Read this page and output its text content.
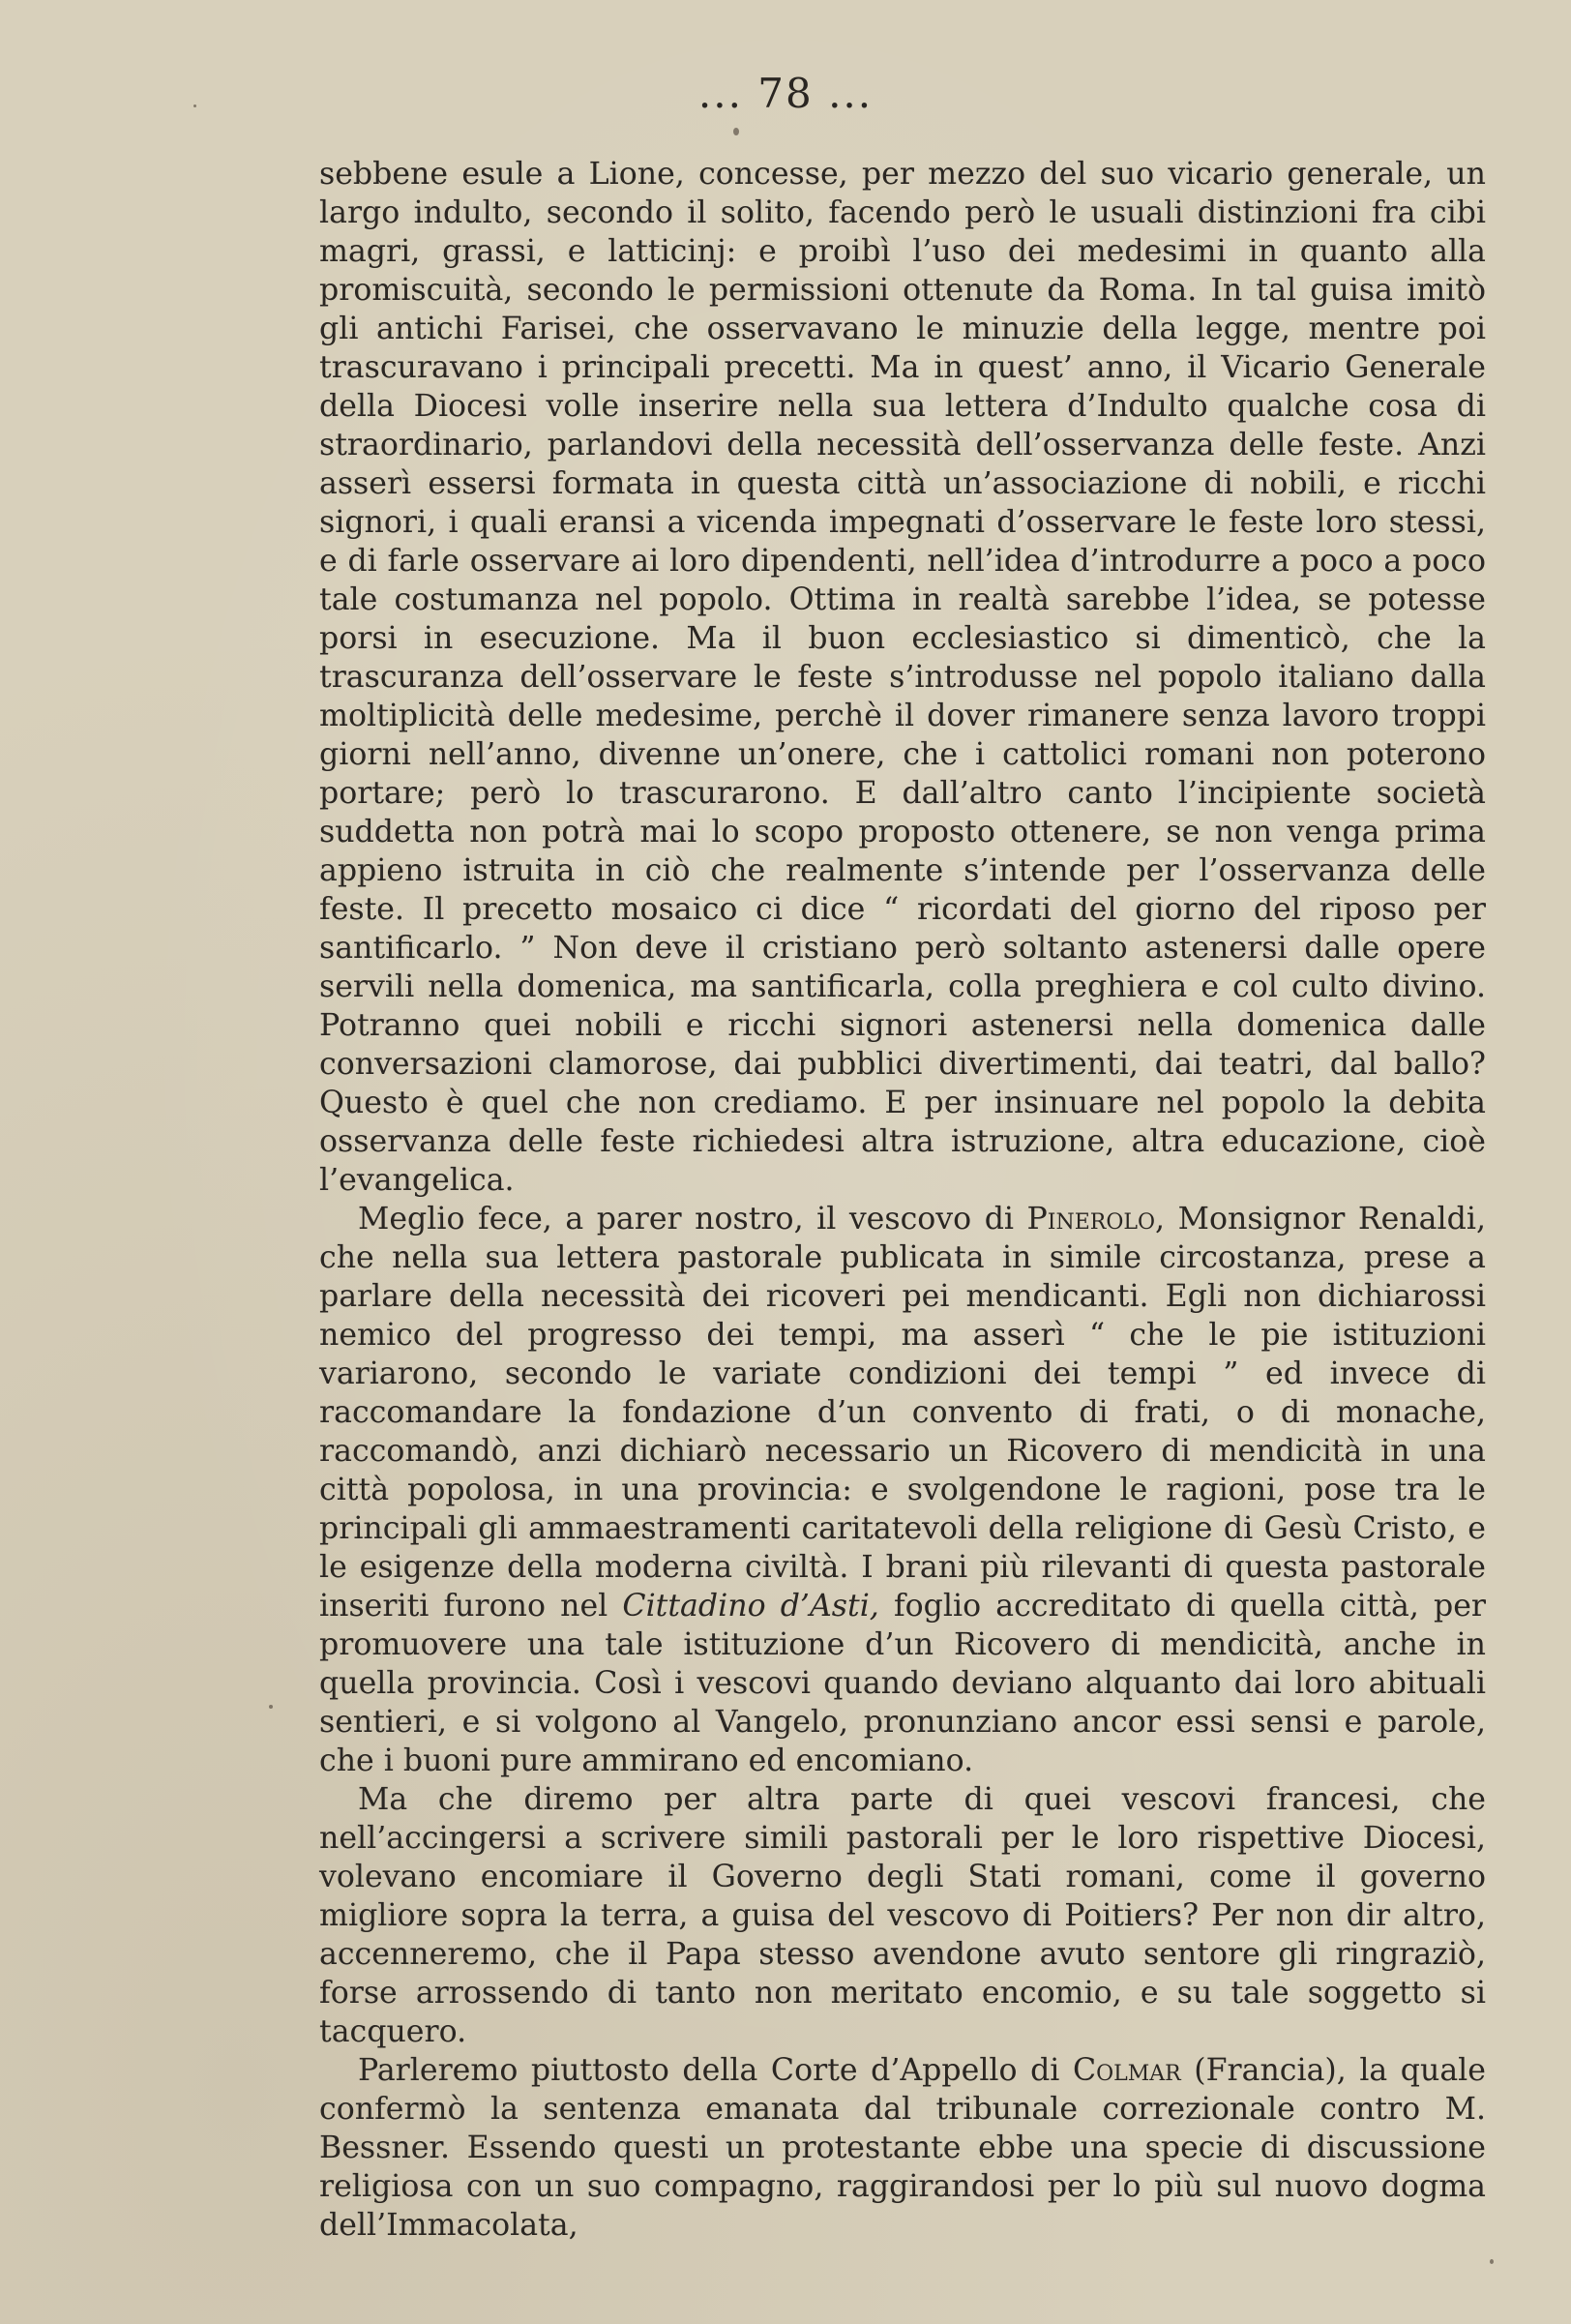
... 78 ...

sebbene esule a Lione, concesse, per mezzo del suo vicario generale, un largo indulto, secondo il solito, facendo però le usuali distinzioni fra cibi magri, grassi, e latticinj: e proibì l’uso dei medesimi in quanto alla promiscuità, secondo le permissioni ottenute da Roma. In tal guisa imitò gli antichi Farisei, che osservavano le minuzie della legge, mentre poi trascuravano i principali precetti. Ma in quest’ anno, il Vicario Generale della Diocesi volle inserire nella sua lettera d’Indulto qualche cosa di straordinario, parlandovi della necessità dell’osservanza delle feste. Anzi asserì essersi formata in questa città un’associazione di nobili, e ricchi signori, i quali eransi a vicenda impegnati d’osservare le feste loro stessi, e di farle osservare ai loro dipendenti, nell’idea d’introdurre a poco a poco tale costumanza nel popolo. Ottima in realtà sarebbe l’idea, se potesse porsi in esecuzione. Ma il buon ecclesiastico si dimenticò, che la trascuranza dell’osservare le feste s’introdusse nel popolo italiano dalla moltiplicità delle medesime, perchè il dover rimanere senza lavoro troppi giorni nell’anno, divenne un’onere, che i cattolici romani non poterono portare; però lo trascurarono. E dall’altro canto l’incipiente società suddetta non potrà mai lo scopo proposto ottenere, se non venga prima appieno istruita in ciò che realmente s’intende per l’osservanza delle feste. Il precetto mosaico ci dice “ ricordati del giorno del riposo per santificarlo. ” Non deve il cristiano però soltanto astenersi dalle opere servili nella domenica, ma santificarla, colla preghiera e col culto divino. Potranno quei nobili e ricchi signori astenersi nella domenica dalle conversazioni clamorose, dai pubblici divertimenti, dai teatri, dal ballo? Questo è quel che non crediamo. E per insinuare nel popolo la debita osservanza delle feste richiedesi altra istruzione, altra educazione, cioè l’evangelica.

Meglio fece, a parer nostro, il vescovo di Pinerolo, Monsignor Renaldi, che nella sua lettera pastorale publicata in simile circostanza, prese a parlare della necessità dei ricoveri pei mendicanti. Egli non dichiarossi nemico del progresso dei tempi, ma asserì “ che le pie istituzioni variarono, secondo le variate condizioni dei tempi ” ed invece di raccomandare la fondazione d’un convento di frati, o di monache, raccomandò, anzi dichiarò necessario un Ricovero di mendicità in una città popolosa, in una provincia: e svolgendone le ragioni, pose tra le principali gli ammaestramenti caritatevoli della religione di Gesù Cristo, e le esigenze della moderna civiltà. I brani più rilevanti di questa pastorale inseriti furono nel Cittadino d’Asti, foglio accreditato di quella città, per promuovere una tale istituzione d’un Ricovero di mendicità, anche in quella provincia. Così i vescovi quando deviano alquanto dai loro abituali sentieri, e si volgono al Vangelo, pronunziano ancor essi sensi e parole, che i buoni pure ammirano ed encomiano.

Ma che diremo per altra parte di quei vescovi francesi, che nell’accingersi a scrivere simili pastorali per le loro rispettive Diocesi, volevano encomiare il Governo degli Stati romani, come il governo migliore sopra la terra, a guisa del vescovo di Poitiers? Per non dir altro, accenneremo, che il Papa stesso avendone avuto sentore gli ringraziò, forse arrossendo di tanto non meritato encomio, e su tale soggetto si tacquero.

Parleremo piuttosto della Corte d’Appello di Colmar (Francia), la quale confermò la sentenza emanata dal tribunale correzionale contro M. Bessner. Essendo questi un protestante ebbe una specie di discussione religiosa con un suo compagno, raggirandosi per lo più sul nuovo dogma dell’Immacolata,
